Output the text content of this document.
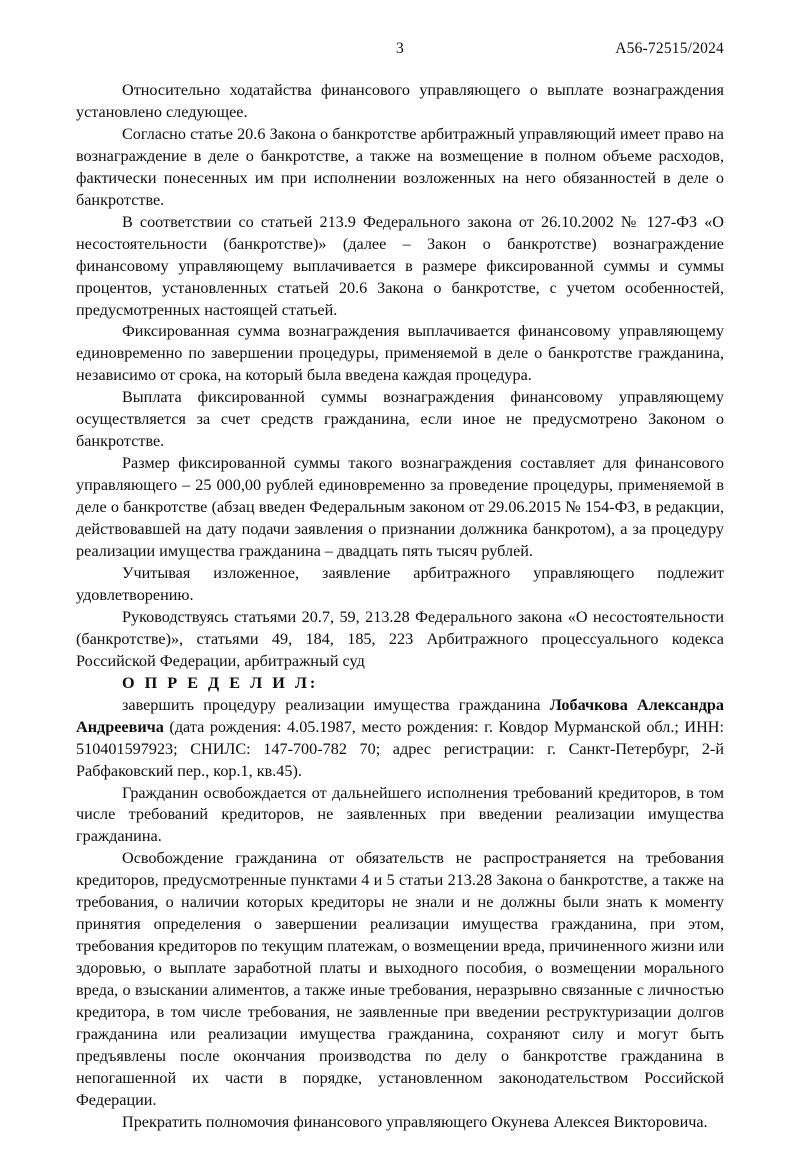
3	А56-72515/2024

Относительно ходатайства финансового управляющего о выплате вознаграждения установлено следующее.

Согласно статье 20.6 Закона о банкротстве арбитражный управляющий имеет право на вознаграждение в деле о банкротстве, а также на возмещение в полном объеме расходов, фактически понесенных им при исполнении возложенных на него обязанностей в деле о банкротстве.

В соответствии со статьей 213.9 Федерального закона от 26.10.2002 № 127-ФЗ «О несостоятельности (банкротстве)» (далее – Закон о банкротстве) вознаграждение финансовому управляющему выплачивается в размере фиксированной суммы и суммы процентов, установленных статьей 20.6 Закона о банкротстве, с учетом особенностей, предусмотренных настоящей статьей.

Фиксированная сумма вознаграждения выплачивается финансовому управляющему единовременно по завершении процедуры, применяемой в деле о банкротстве гражданина, независимо от срока, на который была введена каждая процедура.

Выплата фиксированной суммы вознаграждения финансовому управляющему осуществляется за счет средств гражданина, если иное не предусмотрено Законом о банкротстве.

Размер фиксированной суммы такого вознаграждения составляет для финансового управляющего – 25 000,00 рублей единовременно за проведение процедуры, применяемой в деле о банкротстве (абзац введен Федеральным законом от 29.06.2015 № 154-ФЗ, в редакции, действовавшей на дату подачи заявления о признании должника банкротом), а за процедуру реализации имущества гражданина – двадцать пять тысяч рублей.

Учитывая изложенное, заявление арбитражного управляющего подлежит удовлетворению.

Руководствуясь статьями 20.7, 59, 213.28 Федерального закона «О несостоятельности (банкротстве)», статьями 49, 184, 185, 223 Арбитражного процессуального кодекса Российской Федерации, арбитражный суд

О П Р Е Д Е Л И Л:

завершить процедуру реализации имущества гражданина Лобачкова Александра Андреевича (дата рождения: 4.05.1987, место рождения: г. Ковдор Мурманской обл.; ИНН: 510401597923; СНИЛС: 147-700-782 70; адрес регистрации: г. Санкт-Петербург, 2-й Рабфаковский пер., кор.1, кв.45).

Гражданин освобождается от дальнейшего исполнения требований кредиторов, в том числе требований кредиторов, не заявленных при введении реализации имущества гражданина.

Освобождение гражданина от обязательств не распространяется на требования кредиторов, предусмотренные пунктами 4 и 5 статьи 213.28 Закона о банкротстве, а также на требования, о наличии которых кредиторы не знали и не должны были знать к моменту принятия определения о завершении реализации имущества гражданина, при этом, требования кредиторов по текущим платежам, о возмещении вреда, причиненного жизни или здоровью, о выплате заработной платы и выходного пособия, о возмещении морального вреда, о взыскании алиментов, а также иные требования, неразрывно связанные с личностью кредитора, в том числе требования, не заявленные при введении реструктуризации долгов гражданина или реализации имущества гражданина, сохраняют силу и могут быть предъявлены после окончания производства по делу о банкротстве гражданина в непогашенной их части в порядке, установленном законодательством Российской Федерации.

Прекратить полномочия финансового управляющего Окунева Алексея Викторовича.
